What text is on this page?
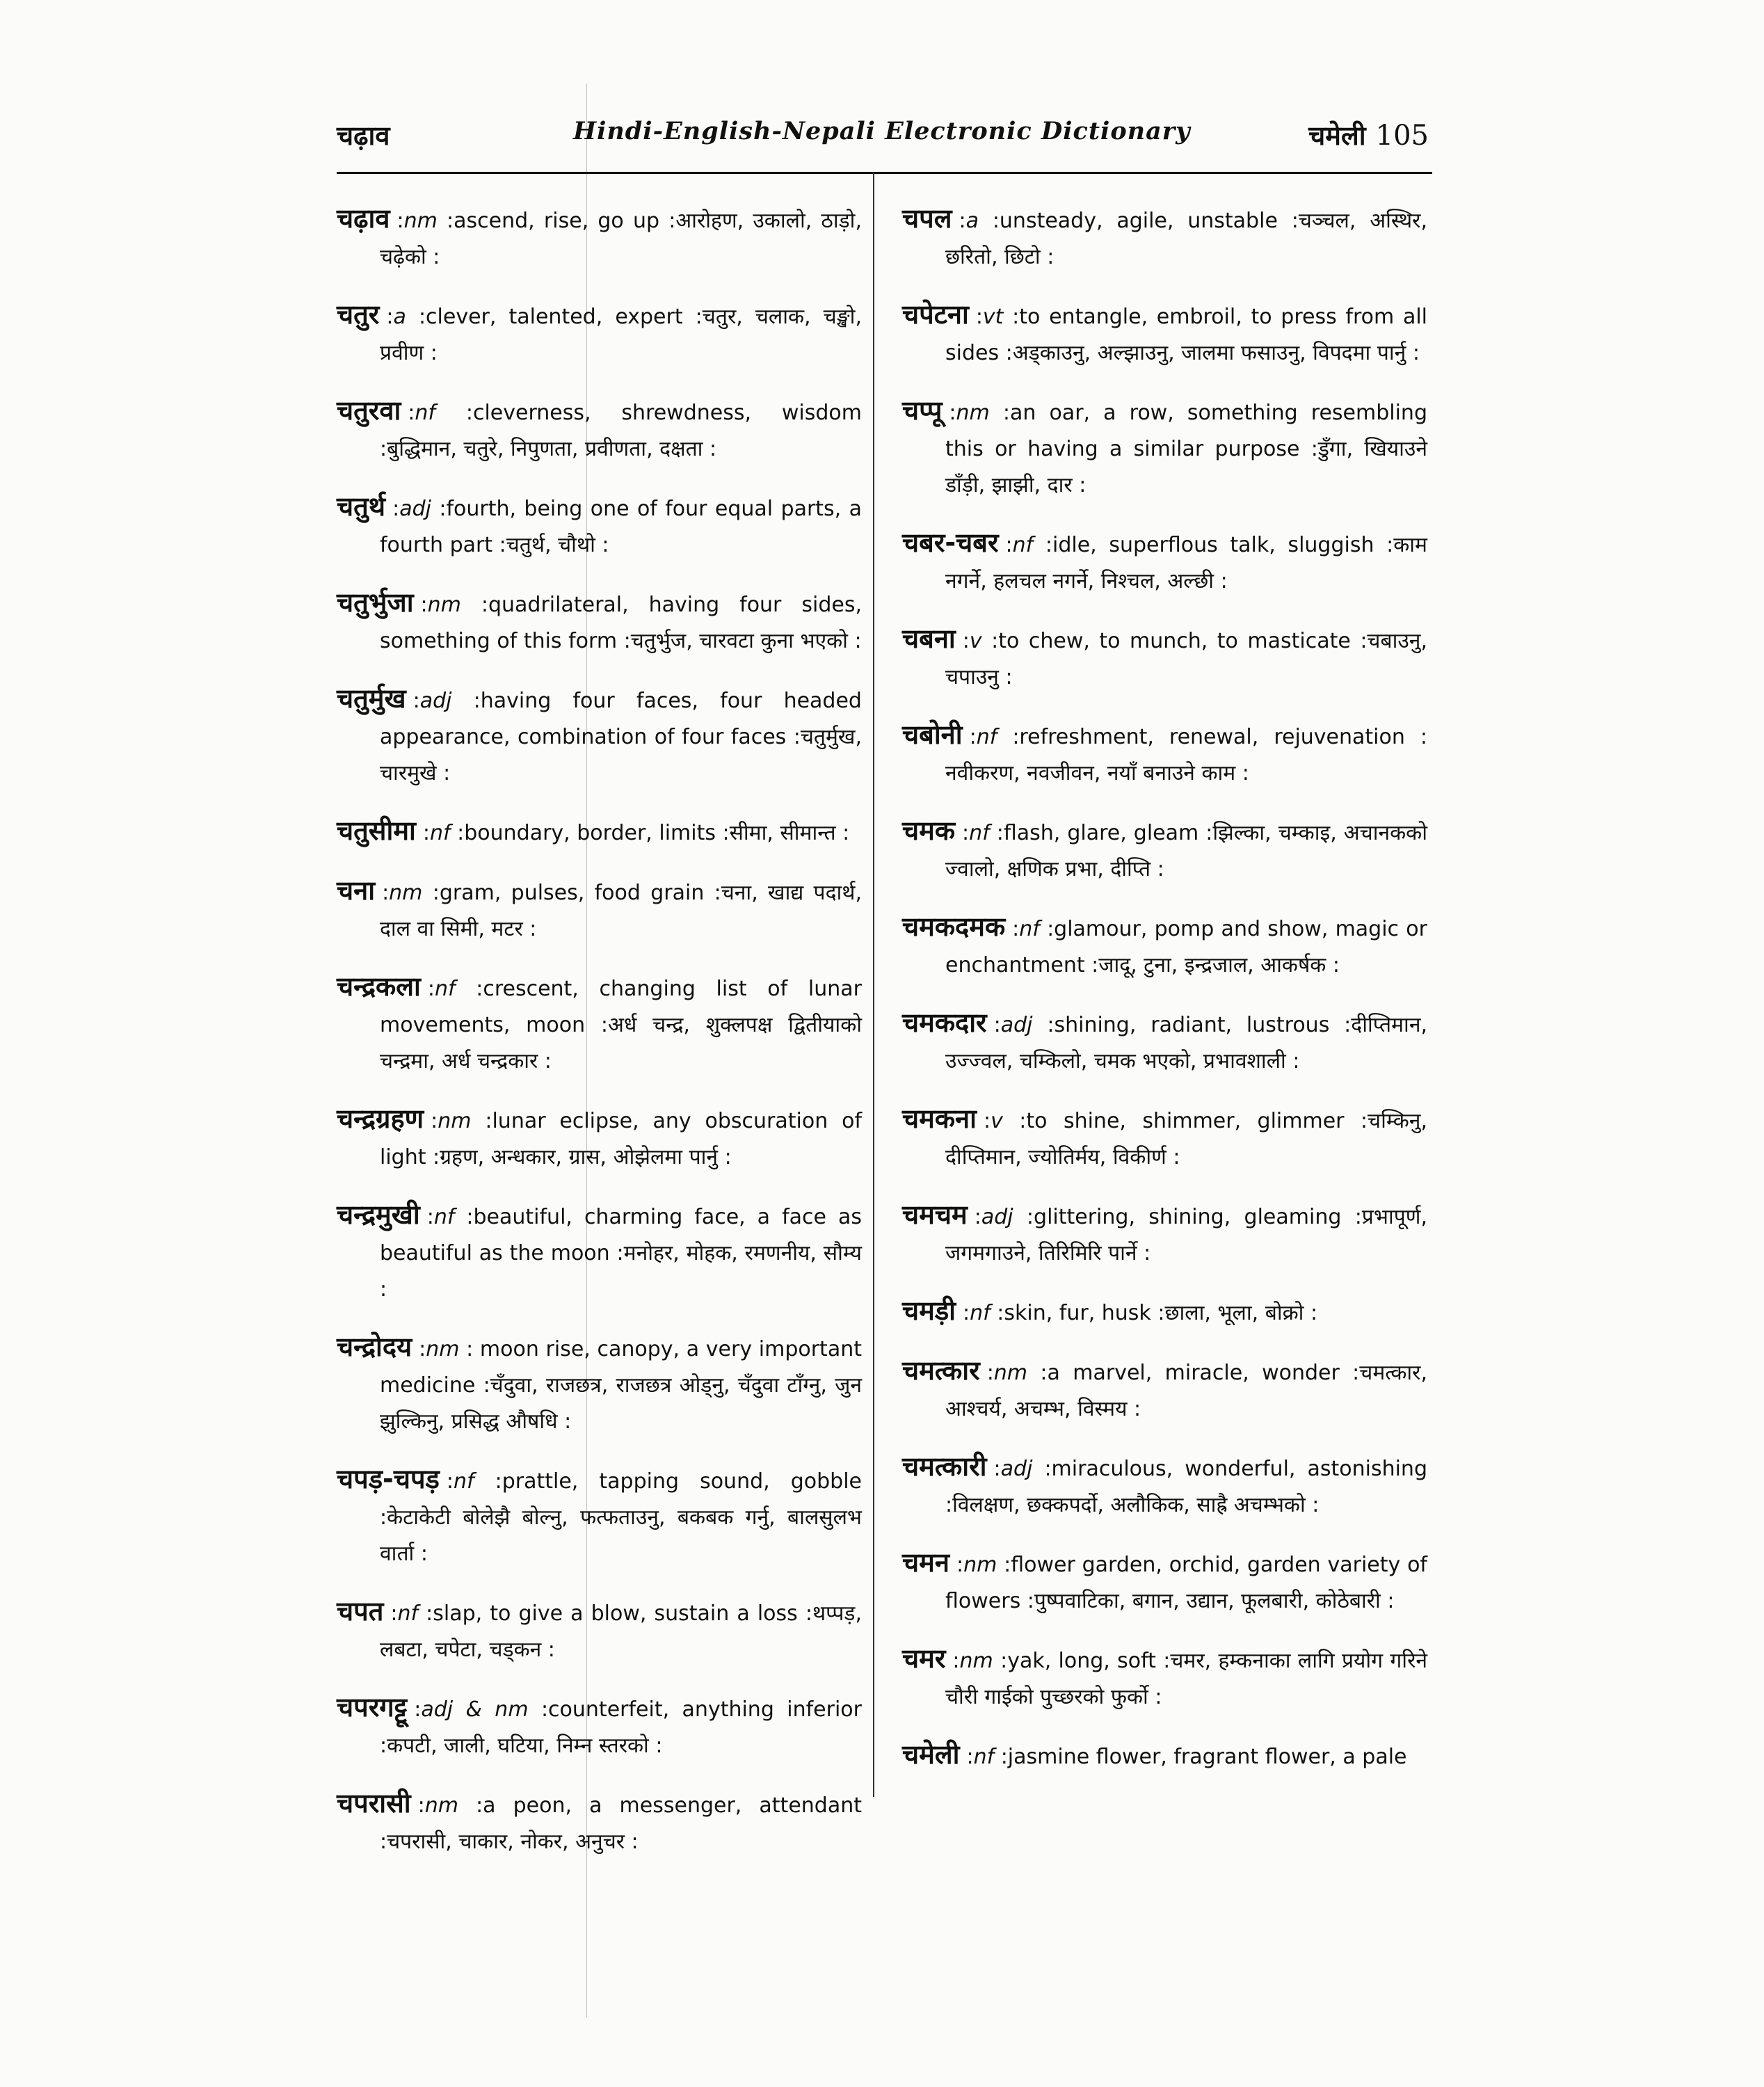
चढ़ाव	Hindi-English-Nepali Electronic Dictionary	चमेली 105

चढ़ाव :nm :ascend, rise, go up :आरोहण, उकालो, ठाड़ो, चढ़ेको :

चतुर :a :clever, talented, expert :चतुर, चलाक, चङ्खो, प्रवीण :

चतुरवा :nf :cleverness, shrewdness, wisdom :बुद्धिमान, चतुरे, निपुणता, प्रवीणता, दक्षता :

चतुर्थ :adj :fourth, being one of four equal parts, a fourth part :चतुर्थ, चौथो :

चतुर्भुजा :nm :quadrilateral, having four sides, something of this form :चतुर्भुज, चारवटा कुना भएको :

चतुर्मुख :adj :having four faces, four headed appearance, combination of four faces :चतुर्मुख, चारमुखे :

चतुसीमा :nf :boundary, border, limits :सीमा, सीमान्त :

चना :nm :gram, pulses, food grain :चना, खाद्य पदार्थ, दाल वा सिमी, मटर :

चन्द्रकला :nf :crescent, changing list of lunar movements, moon :अर्ध चन्द्र, शुक्लपक्ष द्वितीयाको चन्द्रमा, अर्ध चन्द्रकार :

चन्द्रग्रहण :nm :lunar eclipse, any obscuration of light :ग्रहण, अन्धकार, ग्रास, ओझेलमा पार्नु :

चन्द्रमुखी :nf :beautiful, charming face, a face as beautiful as the moon :मनोहर, मोहक, रमणनीय, सौम्य :

चन्द्रोदय :nm : moon rise, canopy, a very important medicine :चँदुवा, राजछत्र, राजछत्र ओड्नु, चँदुवा टाँग्नु, जुन झुल्किनु, प्रसिद्ध औषधि :

चपड़-चपड़ :nf :prattle, tapping sound, gobble :केटाकेटी बोलेझै बोल्नु, फत्फताउनु, बकबक गर्नु, बालसुलभ वार्ता :

चपत :nf :slap, to give a blow, sustain a loss :थप्पड़, लबटा, चपेटा, चड्कन :

चपरगट्टू :adj & nm :counterfeit, anything inferior :कपटी, जाली, घटिया, निम्न स्तरको :

चपरासी :nm :a peon, a messenger, attendant :चपरासी, चाकार, नोकर, अनुचर :

चपल :a :unsteady, agile, unstable :चञ्चल, अस्थिर, छरितो, छिटो :

चपेटना :vt :to entangle, embroil, to press from all sides :अड्काउनु, अल्झाउनु, जालमा फसाउनु, विपदमा पार्नु :

चप्पू :nm :an oar, a row, something resembling this or having a similar purpose :डुँगा, खियाउने डाँड़ी, झाझी, दार :

चबर-चबर :nf :idle, superflous talk, sluggish :काम नगर्ने, हलचल नगर्ने, निश्चल, अल्छी :

चबना :v :to chew, to munch, to masticate :चबाउनु, चपाउनु :

चबोनी :nf :refreshment, renewal, rejuvenation : नवीकरण, नवजीवन, नयाँ बनाउने काम :

चमक :nf :flash, glare, gleam :झिल्का, चम्काइ, अचानकको ज्वालो, क्षणिक प्रभा, दीप्ति :

चमकदमक :nf :glamour, pomp and show, magic or enchantment :जादू, टुना, इन्द्रजाल, आकर्षक :

चमकदार :adj :shining, radiant, lustrous :दीप्तिमान, उज्ज्वल, चम्किलो, चमक भएको, प्रभावशाली :

चमकना :v :to shine, shimmer, glimmer :चम्किनु, दीप्तिमान, ज्योतिर्मय, विकीर्ण :

चमचम :adj :glittering, shining, gleaming :प्रभापूर्ण, जगमगाउने, तिरिमिरि पार्ने :

चमड़ी :nf :skin, fur, husk :छाला, भूला, बोक्रो :

चमत्कार :nm :a marvel, miracle, wonder :चमत्कार, आश्चर्य, अचम्भ, विस्मय :

चमत्कारी :adj :miraculous, wonderful, astonishing :विलक्षण, छक्कपर्दो, अलौकिक, साह्रै अचम्भको :

चमन :nm :flower garden, orchid, garden variety of flowers :पुष्पवाटिका, बगान, उद्यान, फूलबारी, कोठेबारी :

चमर :nm :yak, long, soft :चमर, हम्कनाका लागि प्रयोग गरिने चौरी गाईको पुच्छरको फुर्को :

चमेली :nf :jasmine flower, fragrant flower, a pale
